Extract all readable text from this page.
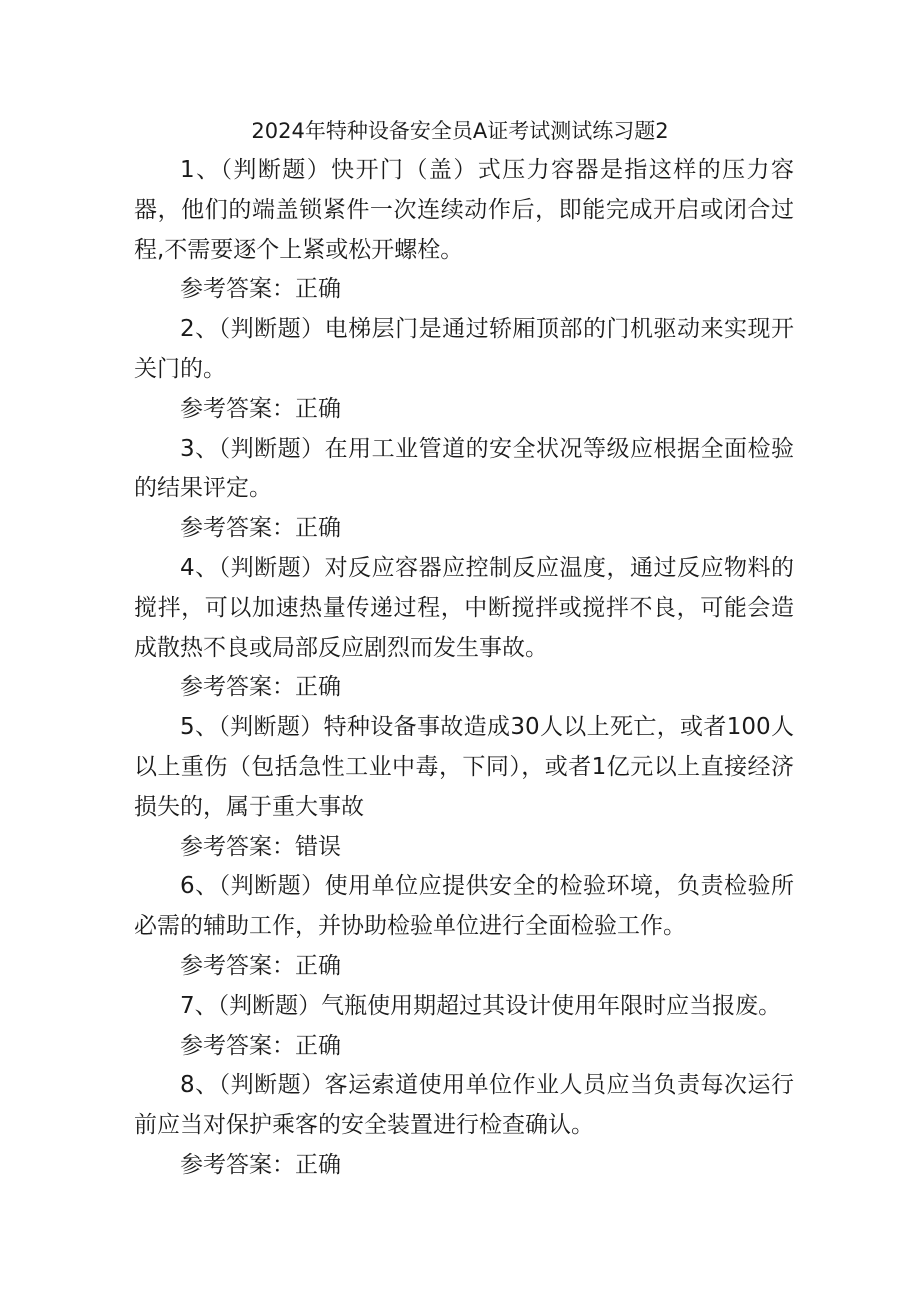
2024年特种设备安全员A证考试测试练习题2

1、（判断题）快开门（盖）式压力容器是指这样的压力容器，他们的端盖锁紧件一次连续动作后，即能完成开启或闭合过程,不需要逐个上紧或松开螺栓。

参考答案：正确

2、（判断题）电梯层门是通过轿厢顶部的门机驱动来实现开关门的。

参考答案：正确

3、（判断题）在用工业管道的安全状况等级应根据全面检验的结果评定。

参考答案：正确

4、（判断题）对反应容器应控制反应温度，通过反应物料的搅拌，可以加速热量传递过程，中断搅拌或搅拌不良，可能会造成散热不良或局部反应剧烈而发生事故。

参考答案：正确

5、（判断题）特种设备事故造成30人以上死亡，或者100人以上重伤（包括急性工业中毒，下同），或者1亿元以上直接经济损失的，属于重大事故

参考答案：错误

6、（判断题）使用单位应提供安全的检验环境，负责检验所必需的辅助工作，并协助检验单位进行全面检验工作。

参考答案：正确

7、（判断题）气瓶使用期超过其设计使用年限时应当报废。

参考答案：正确

8、（判断题）客运索道使用单位作业人员应当负责每次运行前应当对保护乘客的安全装置进行检查确认。

参考答案：正确
